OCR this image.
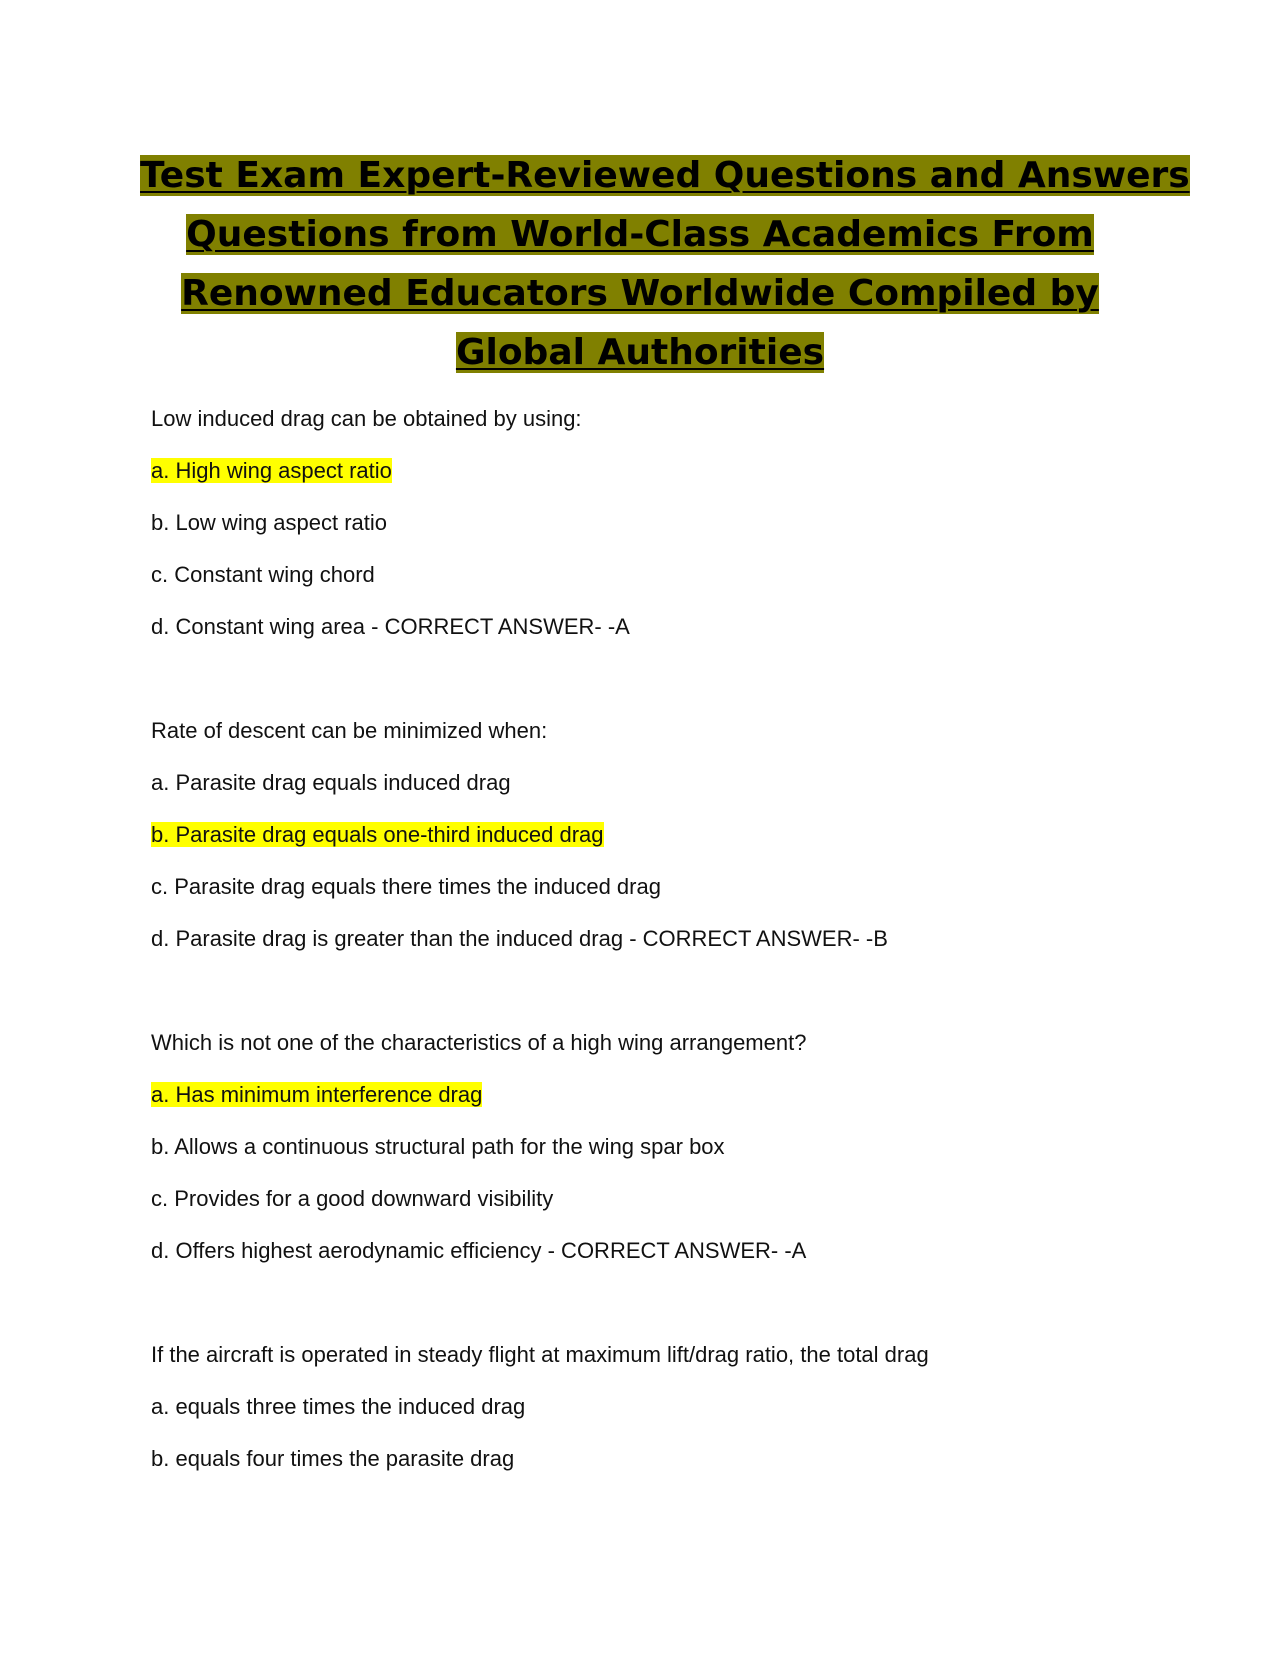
Test Exam Expert-Reviewed Questions and Answers
Questions from World-Class Academics From
Renowned Educators Worldwide Compiled by
Global Authorities
Low induced drag can be obtained by using:
a. High wing aspect ratio
b. Low wing aspect ratio
c. Constant wing chord
d. Constant wing area - CORRECT ANSWER- -A
Rate of descent can be minimized when:
a. Parasite drag equals induced drag
b. Parasite drag equals one-third induced drag
c. Parasite drag equals there times the induced drag
d. Parasite drag is greater than the induced drag - CORRECT ANSWER- -B
Which is not one of the characteristics of a high wing arrangement?
a. Has minimum interference drag
b. Allows a continuous structural path for the wing spar box
c. Provides for a good downward visibility
d. Offers highest aerodynamic efficiency - CORRECT ANSWER- -A
If the aircraft is operated in steady flight at maximum lift/drag ratio, the total drag
a. equals three times the induced drag
b. equals four times the parasite drag
